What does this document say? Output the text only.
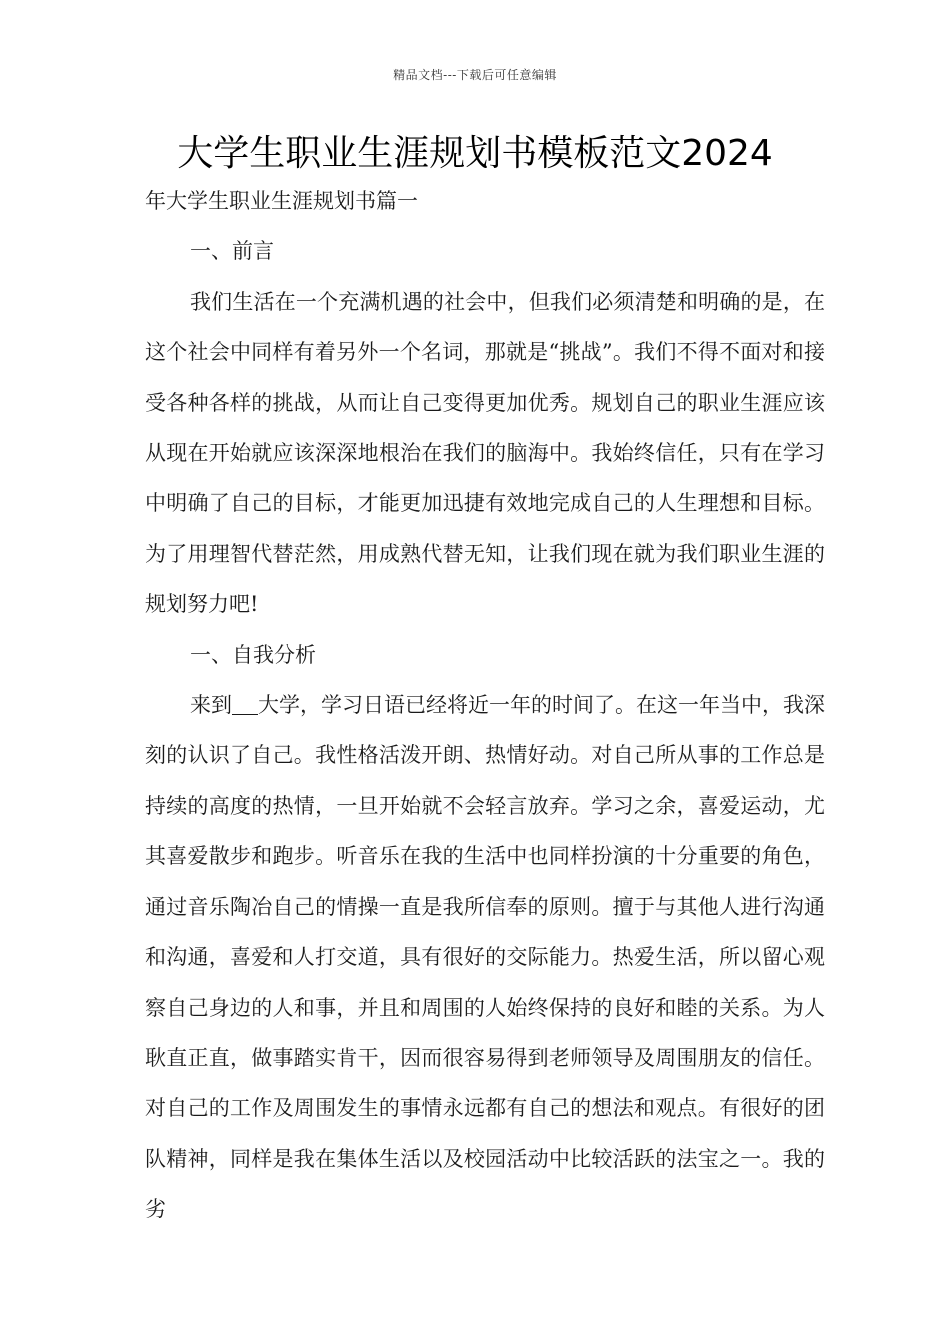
精品文档---下载后可任意编辑
大学生职业生涯规划书模板范文2024

年大学生职业生涯规划书篇一

一、前言

我们生活在一个充满机遇的社会中，但我们必须清楚和明确的是，在这个社会中同样有着另外一个名词，那就是“挑战”。我们不得不面对和接受各种各样的挑战，从而让自己变得更加优秀。规划自己的职业生涯应该从现在开始就应该深深地根治在我们的脑海中。我始终信任，只有在学习中明确了自己的目标，才能更加迅捷有效地完成自己的人生理想和目标。为了用理智代替茫然，用成熟代替无知，让我们现在就为我们职业生涯的规划努力吧!

一、自我分析

来到 大学，学习日语已经将近一年的时间了。在这一年当中，我深刻的认识了自己。我性格活泼开朗、热情好动。对自己所从事的工作总是持续的高度的热情，一旦开始就不会轻言放弃。学习之余，喜爱运动，尤其喜爱散步和跑步。听音乐在我的生活中也同样扮演的十分重要的角色，通过音乐陶冶自己的情操一直是我所信奉的原则。擅于与其他人进行沟通和沟通，喜爱和人打交道，具有很好的交际能力。热爱生活，所以留心观察自己身边的人和事，并且和周围的人始终保持的良好和睦的关系。为人耿直正直，做事踏实肯干，因而很容易得到老师领导及周围朋友的信任。对自己的工作及周围发生的事情永远都有自己的想法和观点。有很好的团队精神，同样是我在集体生活以及校园活动中比较活跃的法宝之一。我的劣
